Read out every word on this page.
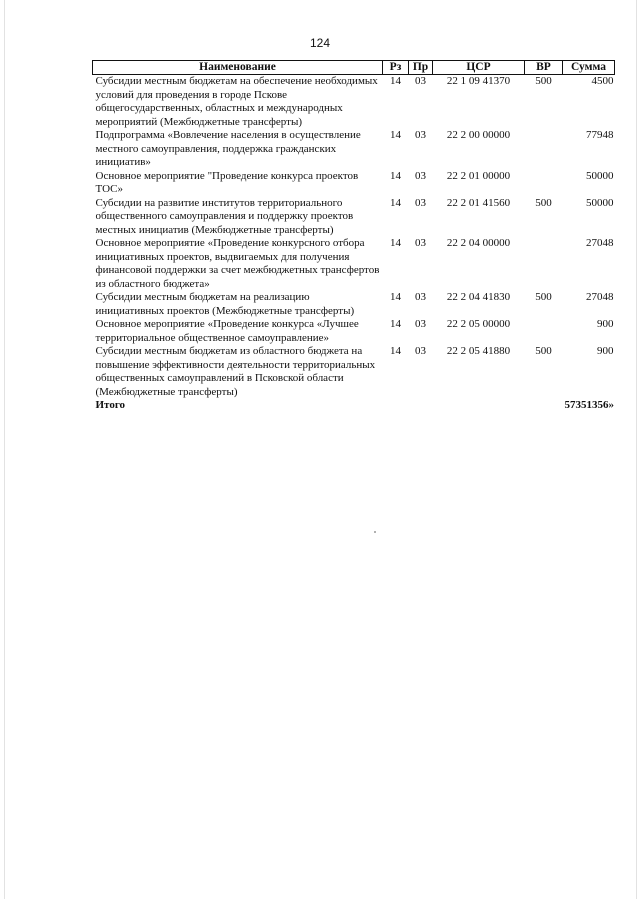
124
Наименование	Рз	Пр	ЦСР	ВР	Сумма
Субсидии местным бюджетам на обеспечение необходимых условий для проведения в городе Пскове общегосударственных, областных и международных мероприятий (Межбюджетные трансферты)	14	03	22 1 09 41370	500	4500
Подпрограмма «Вовлечение населения в осуществление местного самоуправления, поддержка гражданских инициатив»	14	03	22 2 00 00000		77948
Основное мероприятие "Проведение конкурса проектов ТОС»	14	03	22 2 01 00000		50000
Субсидии на развитие институтов территориального общественного самоуправления и поддержку проектов местных инициатив (Межбюджетные трансферты)	14	03	22 2 01 41560	500	50000
Основное мероприятие «Проведение конкурсного отбора инициативных проектов, выдвигаемых для получения финансовой поддержки за счет межбюджетных трансфертов из областного бюджета»	14	03	22 2 04 00000		27048
Субсидии местным бюджетам на реализацию инициативных проектов (Межбюджетные трансферты)	14	03	22 2 04 41830	500	27048
Основное мероприятие «Проведение конкурса «Лучшее территориальное общественное самоуправление»	14	03	22 2 05 00000		900
Субсидии местным бюджетам из областного бюджета на повышение эффективности деятельности территориальных общественных самоуправлений в Псковской области (Межбюджетные трансферты)	14	03	22 2 05 41880	500	900
Итого					57351356»
